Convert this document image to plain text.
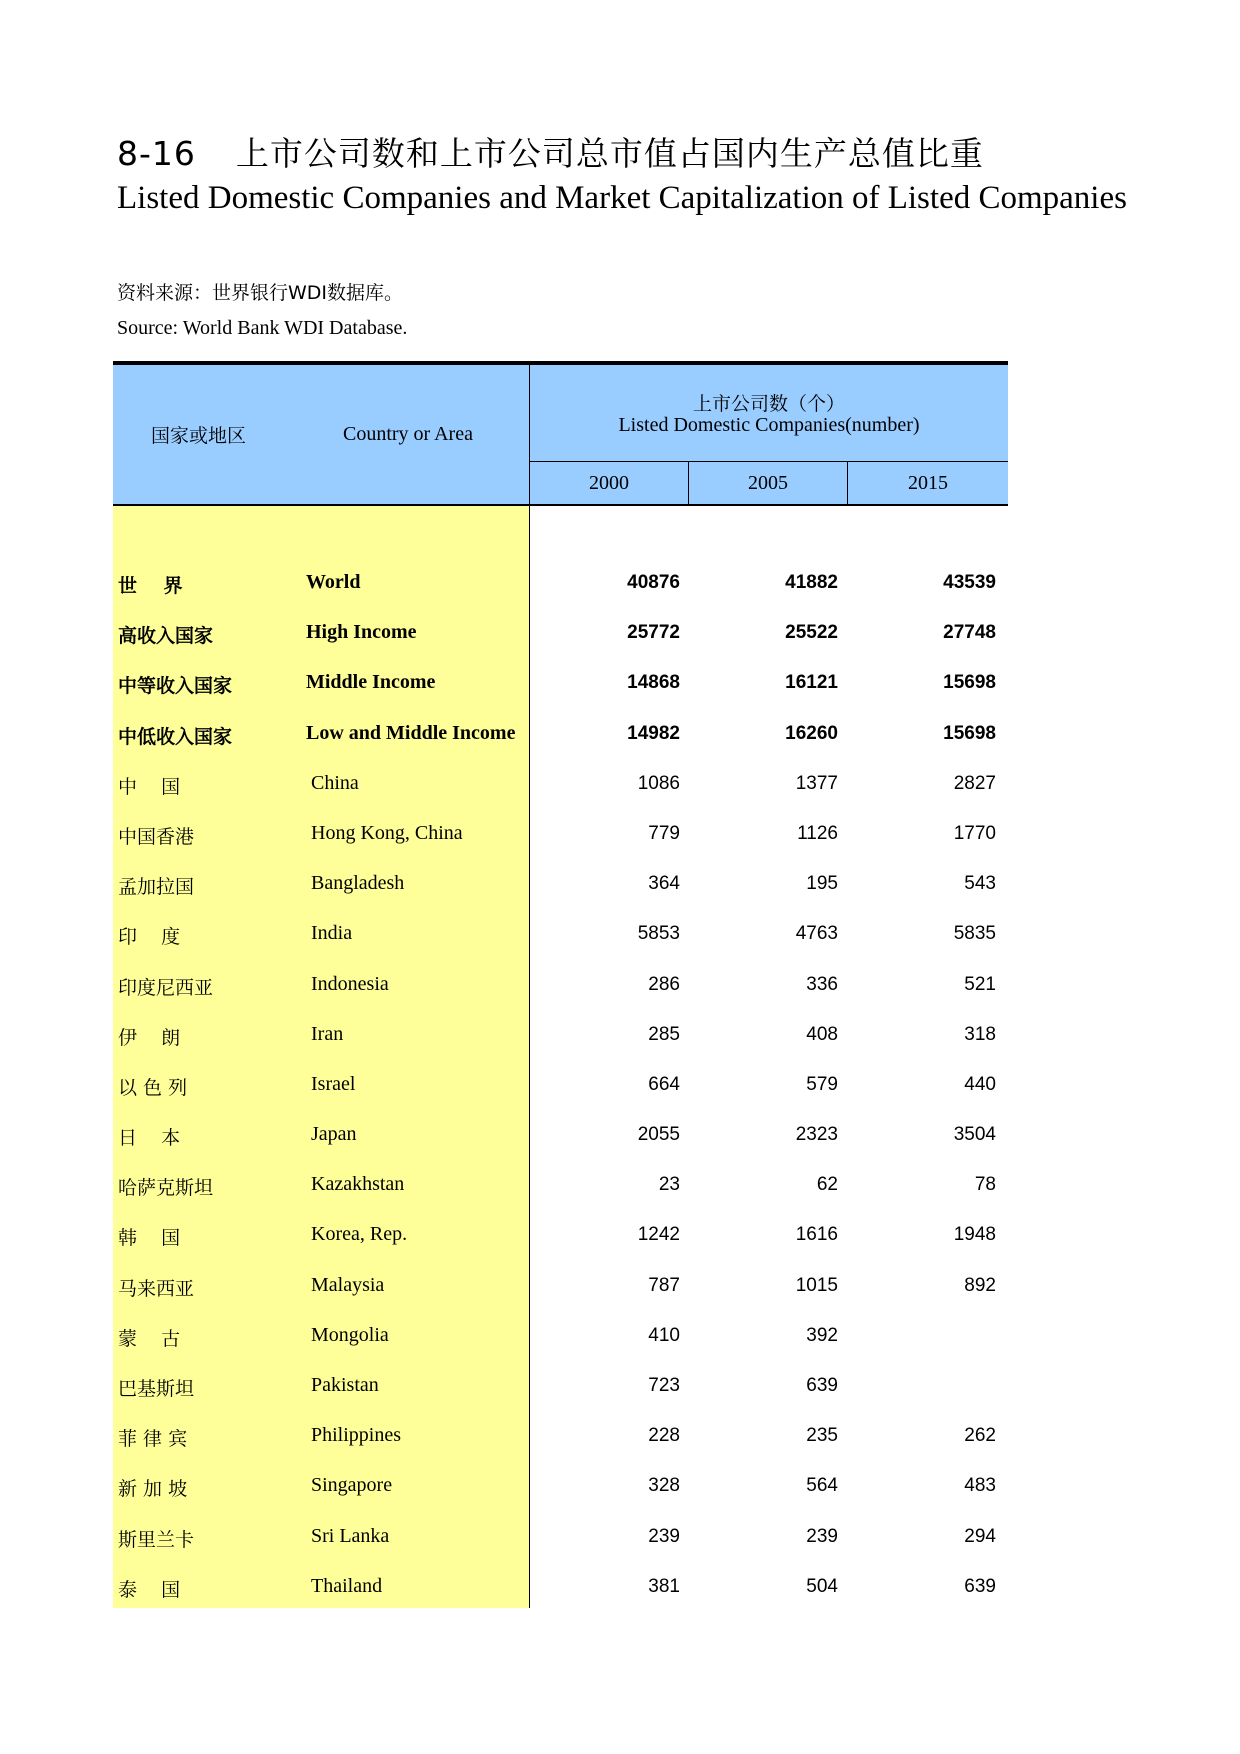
8-16 上市公司数和上市公司总市值占国内生产总值比重
Listed Domestic Companies and Market Capitalization of Listed Companies
资料来源：世界银行WDI数据库。
Source: World Bank WDI Database.
国家或地区	Country or Area
上市公司数（个）
Listed Domestic Companies(number)
2000	2005	2015
世    界	World	40876	41882	43539
高收入国家	High Income	25772	25522	27748
中等收入国家	Middle Income	14868	16121	15698
中低收入国家	Low and Middle Income	14982	16260	15698
中    国	China	1086	1377	2827
中国香港	Hong Kong, China	779	1126	1770
孟加拉国	Bangladesh	364	195	543
印    度	India	5853	4763	5835
印度尼西亚	Indonesia	286	336	521
伊    朗	Iran	285	408	318
以 色 列	Israel	664	579	440
日    本	Japan	2055	2323	3504
哈萨克斯坦	Kazakhstan	23	62	78
韩    国	Korea, Rep.	1242	1616	1948
马来西亚	Malaysia	787	1015	892
蒙    古	Mongolia	410	392
巴基斯坦	Pakistan	723	639
菲 律 宾	Philippines	228	235	262
新 加 坡	Singapore	328	564	483
斯里兰卡	Sri Lanka	239	239	294
泰    国	Thailand	381	504	639
